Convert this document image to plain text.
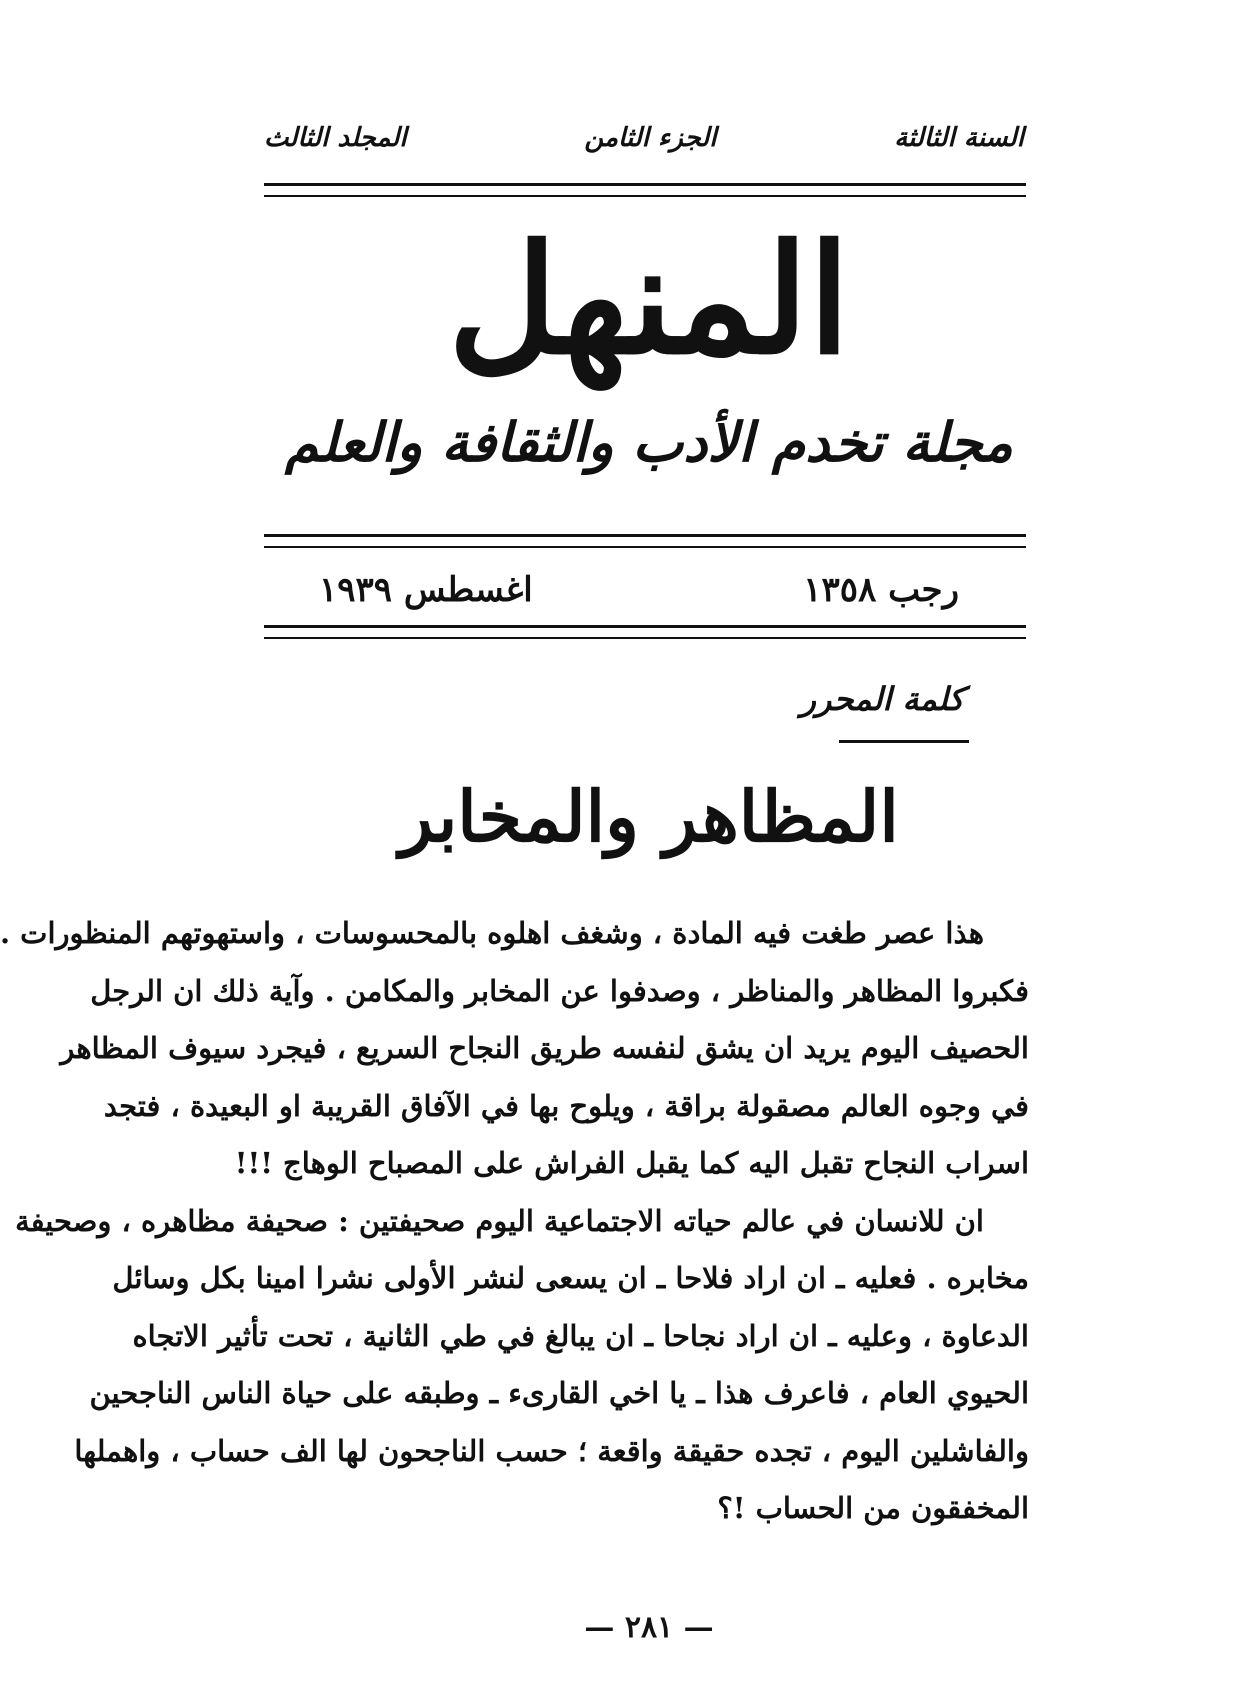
السنة الثالثة
الجزء الثامن
المجلد الثالث
المنهل
مجلة تخدم الأدب والثقافة والعلم
رجب ١٣٥٨
اغسطس ١٩٣٩
كلمة المحرر
المظاهر والمخابر
هذا عصر طغت فيه المادة ، وشغف اهلوه بالمحسوسات ، واستهوتهم المنظورات .
فكبروا المظاهر والمناظر ، وصدفوا عن المخابر والمكامن . وآية ذلك ان الرجل
الحصيف اليوم يريد ان يشق لنفسه طريق النجاح السريع ، فيجرد سيوف المظاهر
في وجوه العالم مصقولة براقة ، ويلوح بها في الآفاق القريبة او البعيدة ، فتجد
اسراب النجاح تقبل اليه كما يقبل الفراش على المصباح الوهاج !!!
ان للانسان في عالم حياته الاجتماعية اليوم صحيفتين : صحيفة مظاهره ، وصحيفة
مخابره . فعليه ـ ان اراد فلاحا ـ ان يسعى لنشر الأولى نشرا امينا بكل وسائل
الدعاوة ، وعليه ـ ان اراد نجاحا ـ ان يبالغ في طي الثانية ، تحت تأثير الاتجاه
الحيوي العام ، فاعرف هذا ـ يا اخي القارىء ـ وطبقه على حياة الناس الناجحين
والفاشلين اليوم ، تجده حقيقة واقعة ؛ حسب الناجحون لها الف حساب ، واهملها
المخفقون من الحساب !؟
— ٢٨١ —
